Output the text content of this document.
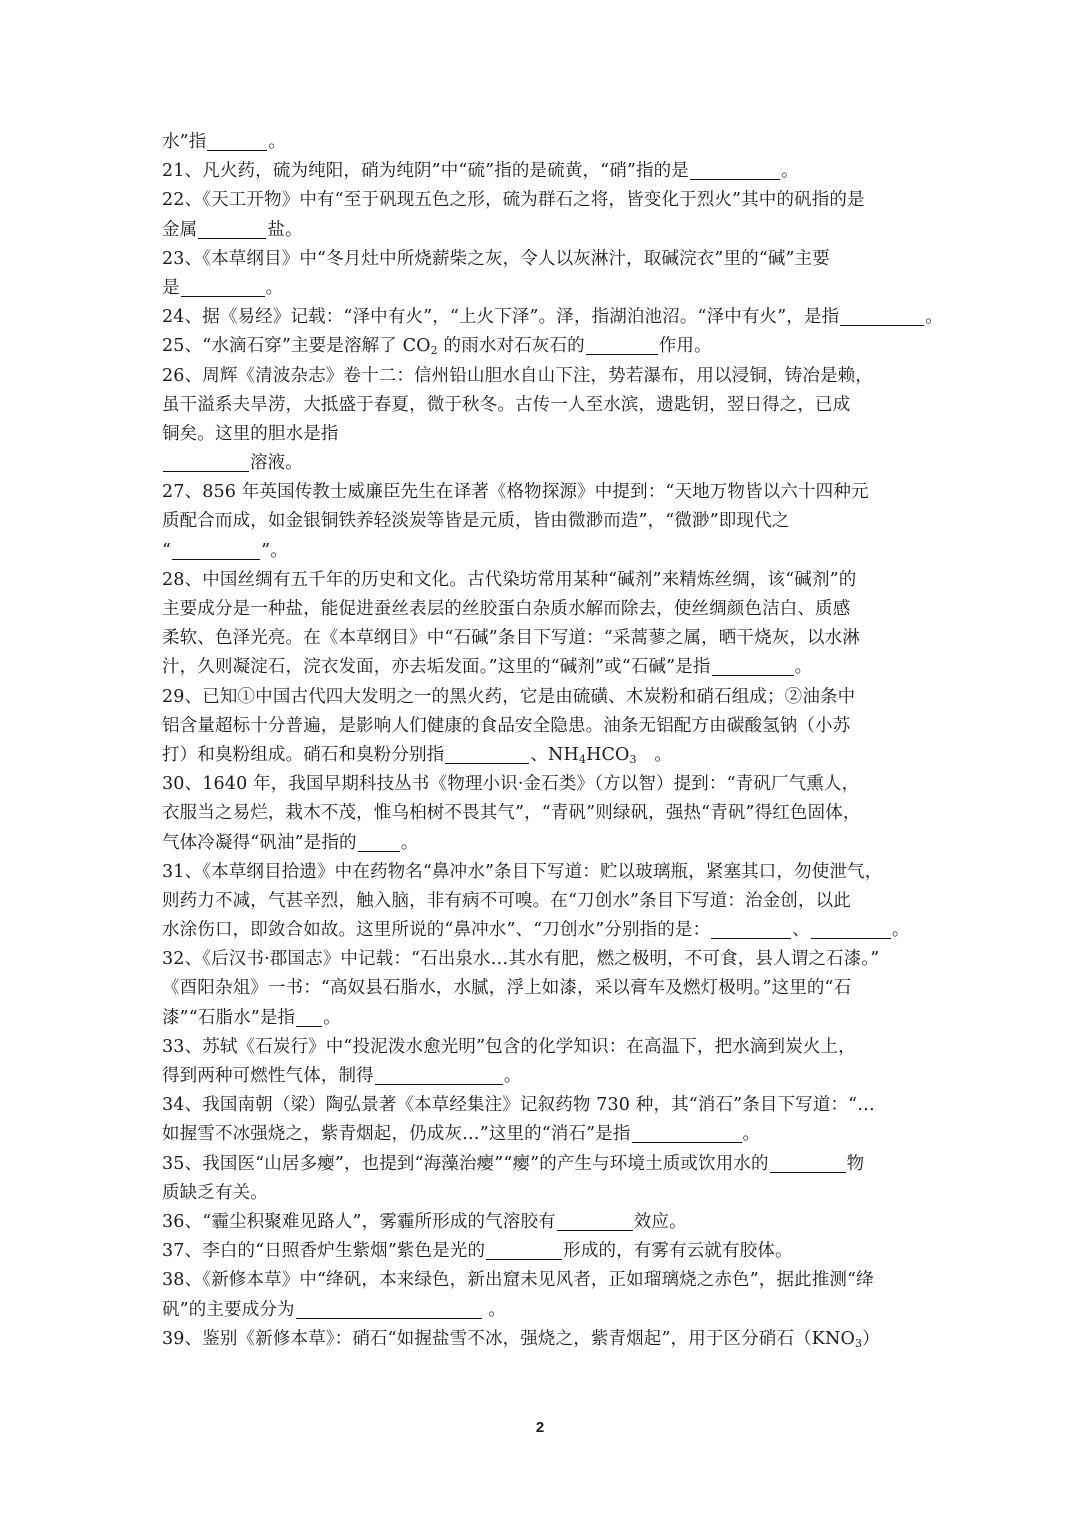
水”指	。
21、凡火药，硫为纯阳，硝为纯阴”中“硫”指的是硫黄，“硝”指的是	。
22、《天工开物》中有“至于矾现五色之形，硫为群石之将，皆变化于烈火”其中的矾指的是
金属	盐。
23、《本草纲目》中“冬月灶中所烧薪柴之灰，令人以灰淋汁，取碱浣衣”里的“碱”主要
是	。
24、据《易经》记载：“泽中有火”，“上火下泽”。泽，指湖泊池沼。“泽中有火”，是指	。
25、“水滴石穿”主要是溶解了 $CO_2$ 的雨水对石灰石的	作用。
26、周辉《清波杂志》卷十二：信州铅山胆水自山下注，势若瀑布，用以浸铜，铸冶是赖，
虽干溢系夫旱涝，大抵盛于春夏，微于秋冬。古传一人至水滨，遗匙钥，翌日得之，已成
铜矣。这里的胆水是指
溶液。
27、856 年英国传教士威廉臣先生在译著《格物探源》中提到：“天地万物皆以六十四种元
质配合而成，如金银铜铁养轻淡炭等皆是元质，皆由微渺而造”，“微渺”即现代之
“	”。
28、中国丝绸有五千年的历史和文化。古代染坊常用某种“碱剂”来精炼丝绸，该“碱剂”的
主要成分是一种盐，能促进蚕丝表层的丝胶蛋白杂质水解而除去，使丝绸颜色洁白、质感
柔软、色泽光亮。在《本草纲目》中“石碱”条目下写道：“采蒿蓼之属，晒干烧灰，以水淋
汁，久则凝淀石，浣衣发面，亦去垢发面。”这里的“碱剂”或“石碱”是指	。
29、已知①中国古代四大发明之一的黑火药，它是由硫磺、木炭粉和硝石组成；②油条中
铝含量超标十分普遍，是影响人们健康的食品安全隐患。油条无铝配方由碳酸氢钠（小苏
打）和臭粉组成。硝石和臭粉分别指	、$NH_4HCO_3$　。
30、1640 年，我国早期科技丛书《物理小识·金石类》（方以智）提到：“青矾厂气熏人，
衣服当之易烂，栽木不茂，惟乌桕树不畏其气”，“青矾”则绿矾，强热“青矾”得红色固体，
气体冷凝得“矾油”是指的	。
31、《本草纲目拾遗》中在药物名“鼻冲水”条目下写道：贮以玻璃瓶，紧塞其口，勿使泄气，
则药力不减，气甚辛烈，触入脑，非有病不可嗅。在“刀创水”条目下写道：治金创，以此
水涂伤口，即敛合如故。这里所说的“鼻冲水”、“刀创水”分别指的是：	、	。
32、《后汉书·郡国志》中记载：“石出泉水…其水有肥，燃之极明，不可食，县人谓之石漆。”
《酉阳杂俎》一书：“高奴县石脂水，水腻，浮上如漆，采以膏车及燃灯极明。”这里的“石
漆”“石脂水”是指 。
33、苏轼《石炭行》中“投泥泼水愈光明”包含的化学知识：在高温下，把水滴到炭火上，
得到两种可燃性气体，制得	。
34、我国南朝（梁）陶弘景著《本草经集注》记叙药物 730 种，其“消石”条目下写道：“…
如握雪不冰强烧之，紫青烟起，仍成灰…”这里的“消石”是指	。
35、我国医“山居多瘿”，也提到“海藻治瘿”“瘿”的产生与环境土质或饮用水的	物
质缺乏有关。
36、“霾尘积聚难见路人”，雾霾所形成的气溶胶有	效应。
37、李白的“日照香炉生紫烟”紫色是光的	形成的，有雾有云就有胶体。
38、《新修本草》中“绛矾，本来绿色，新出窟未见风者，正如瑠璃烧之赤色”，据此推测“绛
矾”的主要成分为	。
39、鉴别《新修本草》：硝石“如握盐雪不冰，强烧之，紫青烟起”，用于区分硝石$(KNO_3)$
2
